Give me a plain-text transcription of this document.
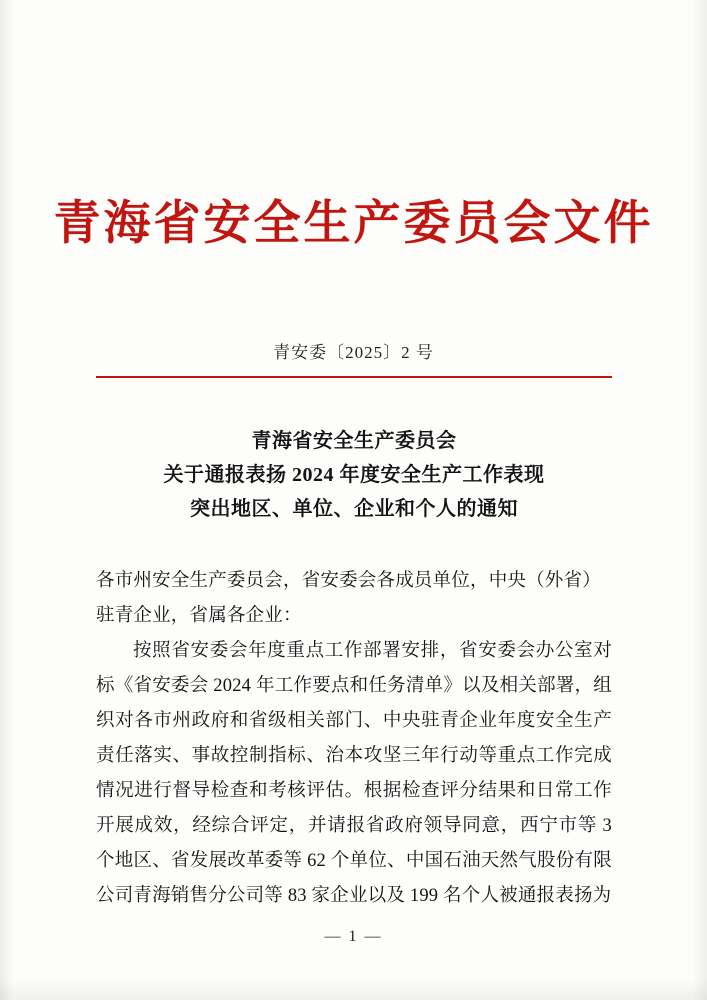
青海省安全生产委员会文件
青安委〔2025〕2 号
青海省安全生产委员会
关于通报表扬 2024 年度安全生产工作表现
突出地区、单位、企业和个人的通知

各市州安全生产委员会，省安委会各成员单位，中央（外省）

驻青企业，省属各企业：

按照省安委会年度重点工作部署安排，省安委会办公室对标《省安委会 2024 年工作要点和任务清单》以及相关部署，组织对各市州政府和省级相关部门、中央驻青企业年度安全生产责任落实、事故控制指标、治本攻坚三年行动等重点工作完成情况进行督导检查和考核评估。根据检查评分结果和日常工作开展成效，经综合评定，并请报省政府领导同意，西宁市等 3 个地区、省发展改革委等 62 个单位、中国石油天然气股份有限公司青海销售分公司等 83 家企业以及 199 名个人被通报表扬为

— 1 —
